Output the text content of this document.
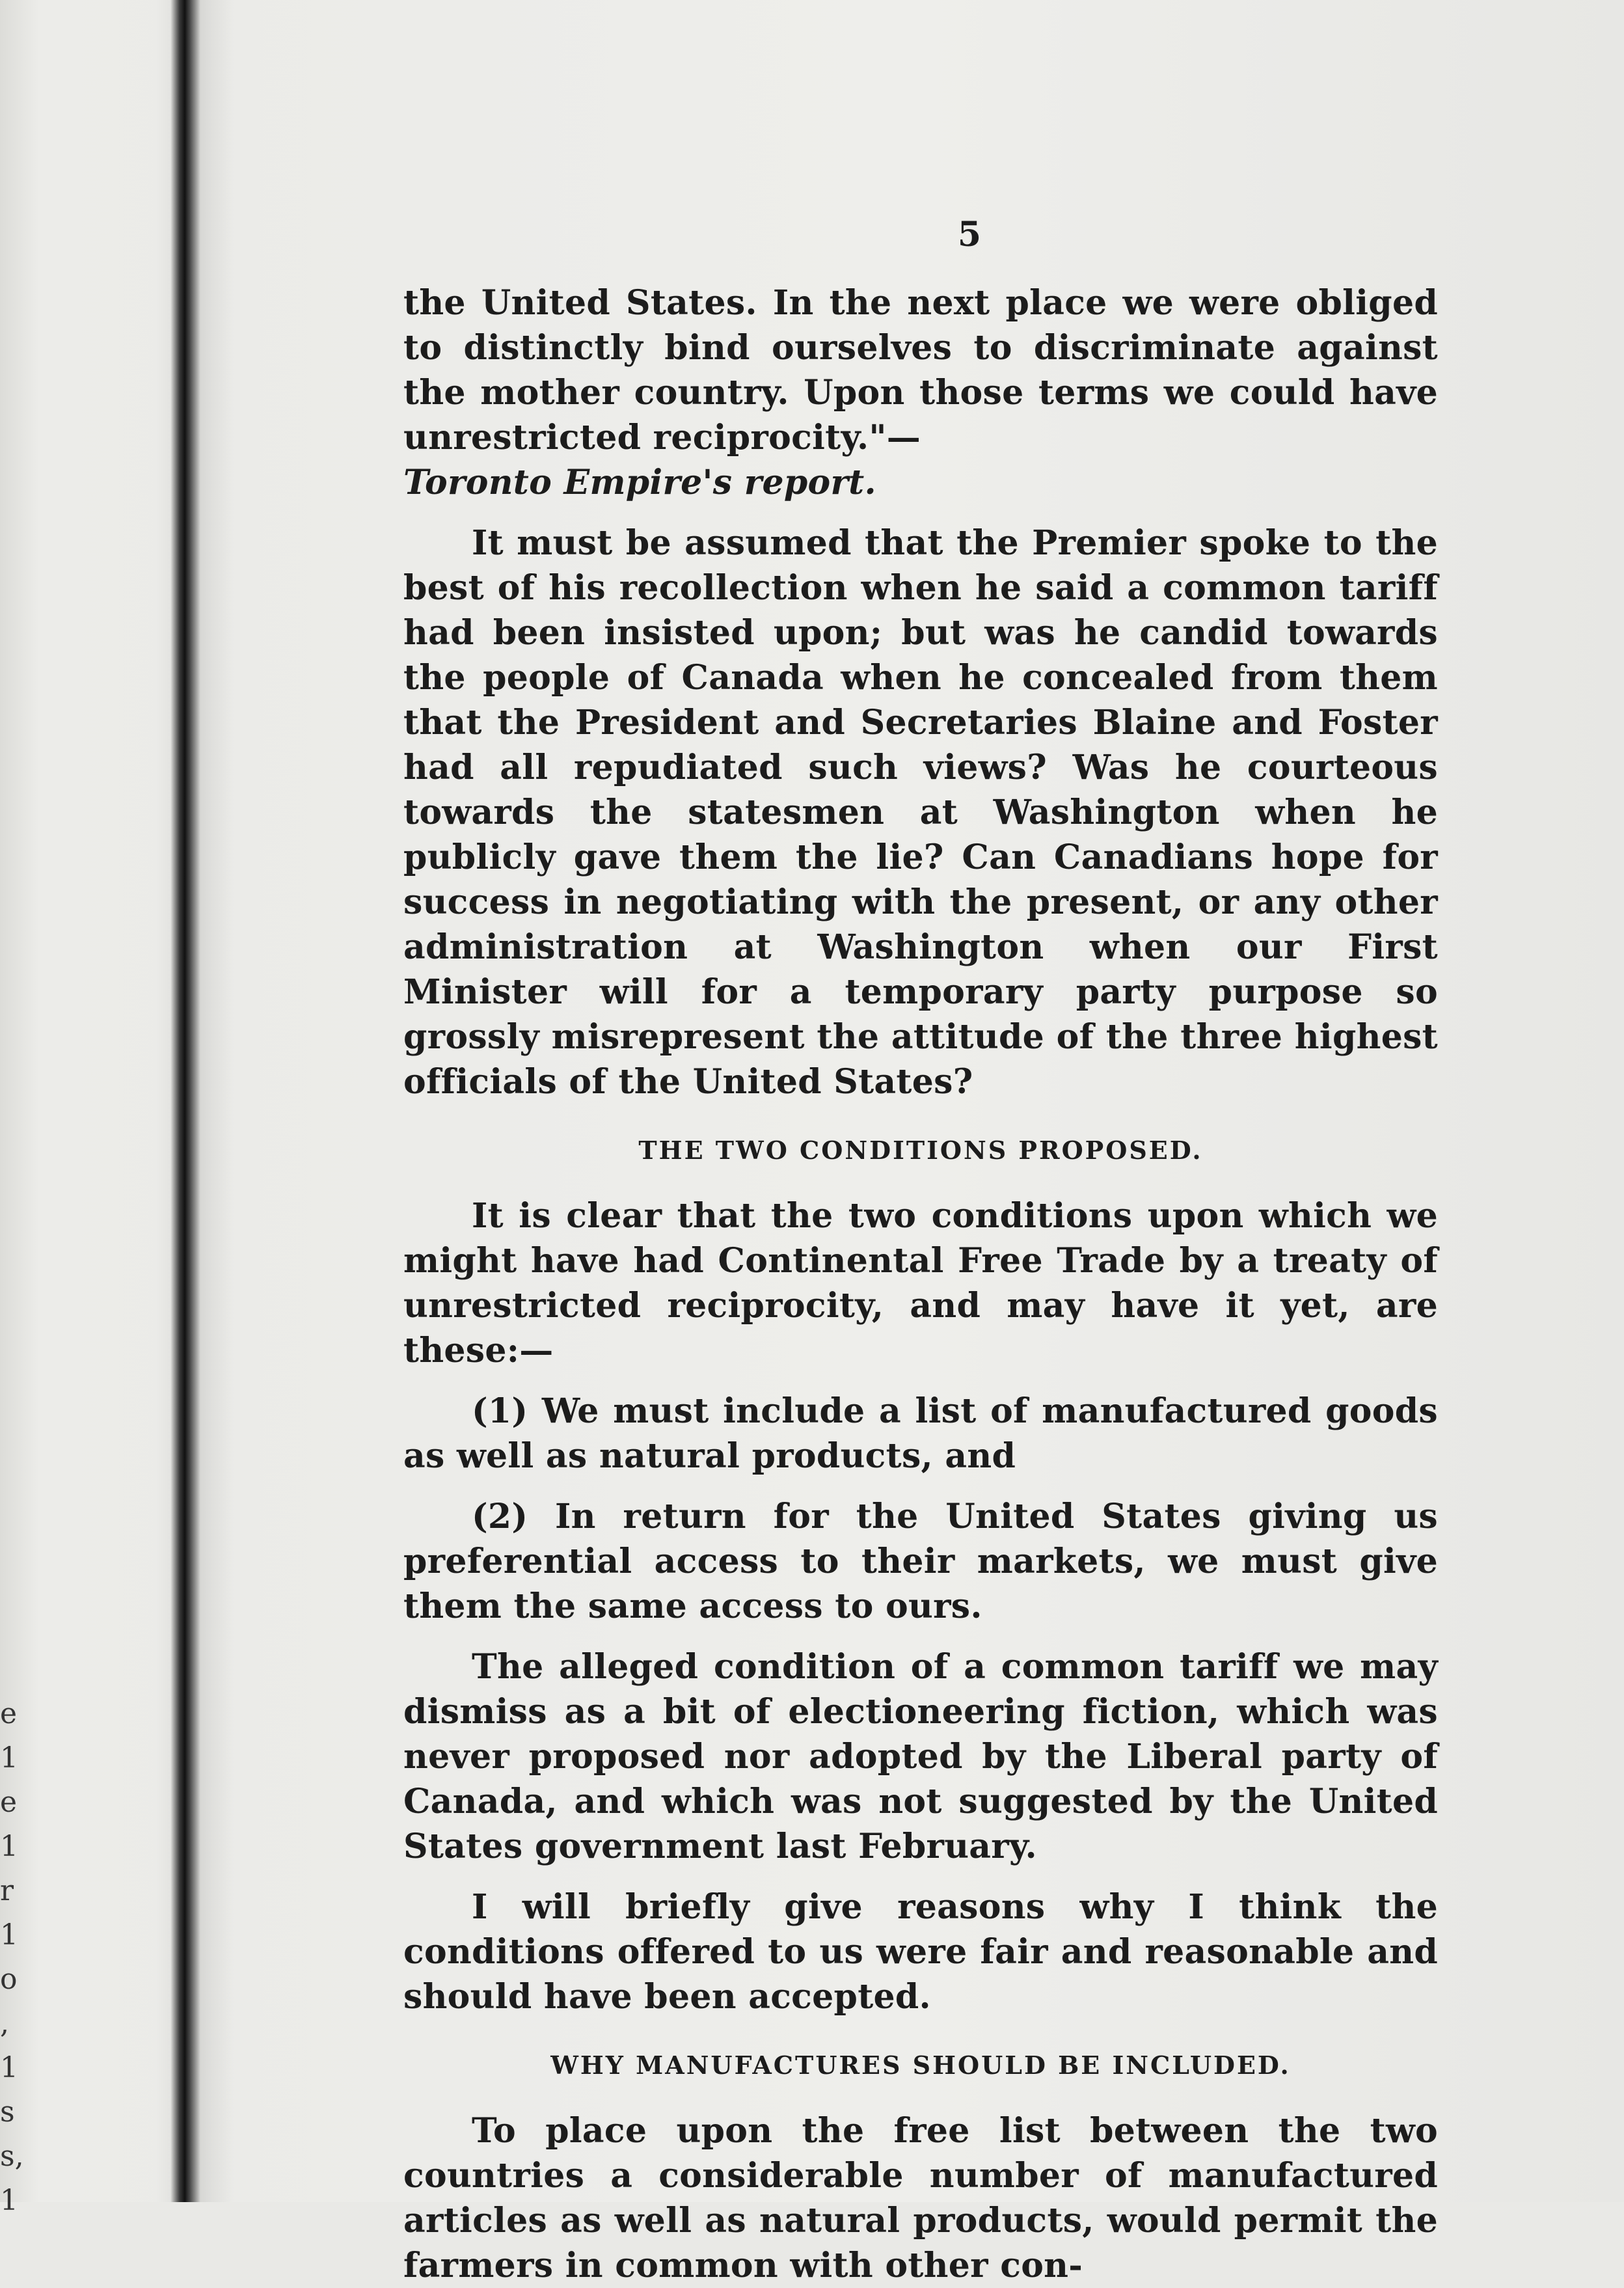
e
1
e
1
r
1
o
,
1
s
s,
1
5

the United States. In the next place we were obliged to distinctly bind ourselves to discriminate against the mother country. Upon those terms we could have unrestricted reciprocity."—
Toronto Empire's report.

It must be assumed that the Premier spoke to the best of his recollection when he said a common tariff had been insisted upon; but was he candid towards the people of Canada when he concealed from them that the President and Secretaries Blaine and Foster had all repudiated such views? Was he courteous towards the statesmen at Washington when he publicly gave them the lie? Can Canadians hope for success in negotiating with the present, or any other administration at Washington when our First Minister will for a temporary party purpose so grossly misrepresent the attitude of the three highest officials of the United States?

THE TWO CONDITIONS PROPOSED.

It is clear that the two conditions upon which we might have had Continental Free Trade by a treaty of unrestricted reciprocity, and may have it yet, are these:—

(1) We must include a list of manufactured goods as well as natural products, and

(2) In return for the United States giving us preferential access to their markets, we must give them the same access to ours.

The alleged condition of a common tariff we may dismiss as a bit of electioneering fiction, which was never proposed nor adopted by the Liberal party of Canada, and which was not suggested by the United States government last February.

I will briefly give reasons why I think the conditions offered to us were fair and reasonable and should have been accepted.

WHY MANUFACTURES SHOULD BE INCLUDED.

To place upon the free list between the two countries a considerable number of manufactured articles as well as natural products, would permit the farmers in common with other con-
